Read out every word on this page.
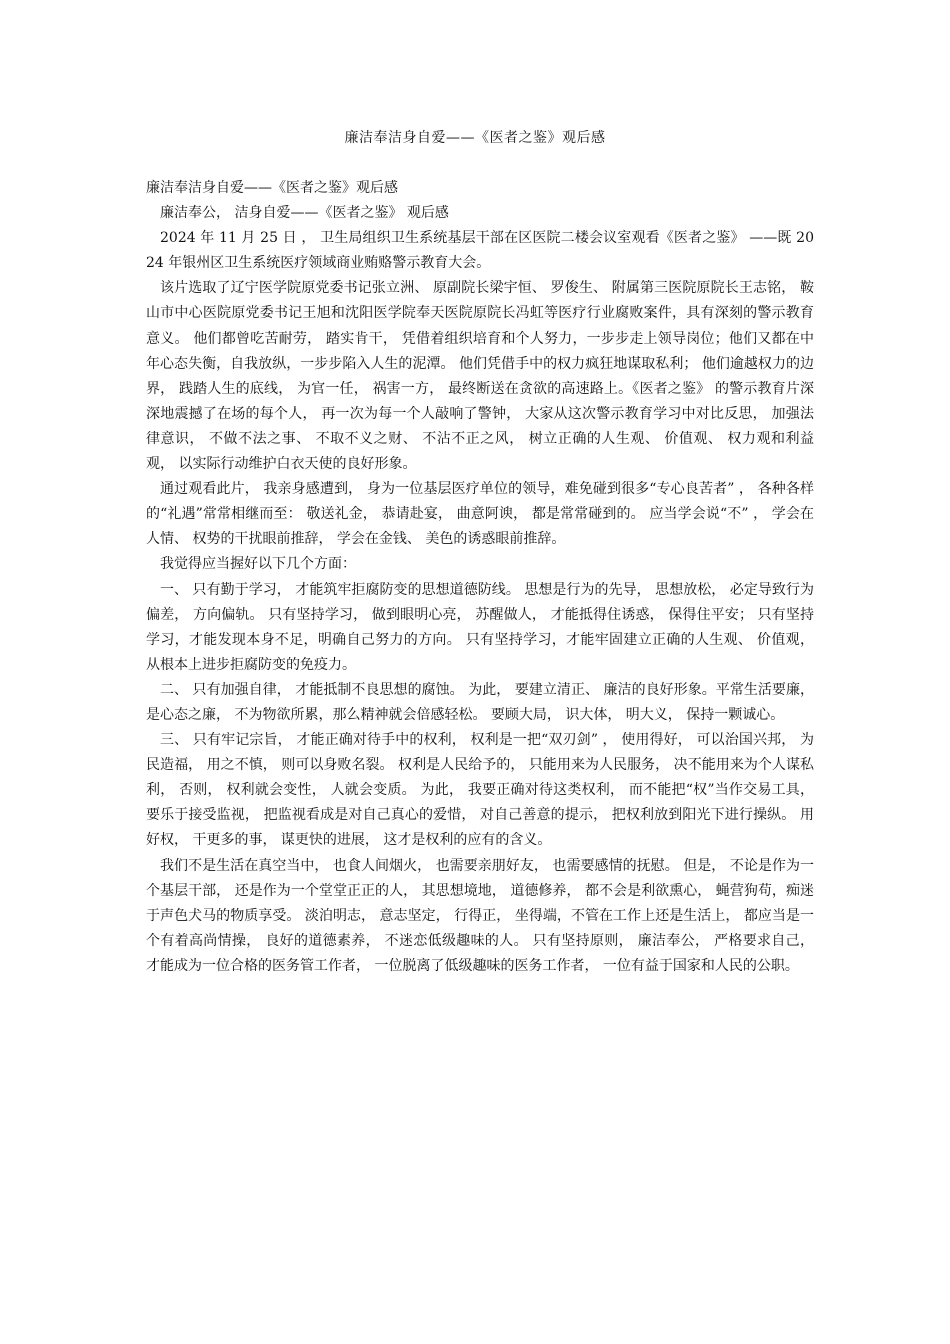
廉洁奉洁身自爱——《医者之鉴》观后感

廉洁奉洁身自爱——《医者之鉴》观后感

廉洁奉公， 洁身自爱——《医者之鉴》 观后感

2024 年 11 月 25 日 ， 卫生局组织卫生系统基层干部在区医院二楼会议室观看《医者之鉴》 ——既 2024 年银州区卫生系统医疗领域商业贿赂警示教育大会。

该片选取了辽宁医学院原党委书记张立洲、 原副院长梁宇恒、 罗俊生、 附属第三医院原院长王志铭， 鞍山市中心医院原党委书记王旭和沈阳医学院奉天医院原院长冯虹等医疗行业腐败案件，具有深刻的警示教育意义。 他们都曾吃苦耐劳， 踏实肯干， 凭借着组织培育和个人努力，一步步走上领导岗位；他们又都在中年心态失衡，自我放纵，一步步陷入人生的泥潭。 他们凭借手中的权力疯狂地谋取私利； 他们逾越权力的边界， 践踏人生的底线， 为官一任， 祸害一方， 最终断送在贪欲的高速路上。《医者之鉴》 的警示教育片深深地震撼了在场的每个人， 再一次为每一个人敲响了警钟， 大家从这次警示教育学习中对比反思， 加强法律意识， 不做不法之事、 不取不义之财、 不沾不正之风， 树立正确的人生观、 价值观、 权力观和利益观， 以实际行动维护白衣天使的良好形象。

通过观看此片， 我亲身感遭到， 身为一位基层医疗单位的领导，难免碰到很多“专心良苦者” ， 各种各样的“礼遇”常常相继而至： 敬送礼金， 恭请赴宴， 曲意阿谀， 都是常常碰到的。 应当学会说“不” ， 学会在人情、 权势的干扰眼前推辞， 学会在金钱、 美色的诱惑眼前推辞。

我觉得应当握好以下几个方面：

一、 只有勤于学习， 才能筑牢拒腐防变的思想道德防线。 思想是行为的先导， 思想放松， 必定导致行为偏差， 方向偏轨。 只有坚持学习， 做到眼明心亮， 苏醒做人， 才能抵得住诱惑， 保得住平安； 只有坚持学习，才能发现本身不足，明确自己努力的方向。 只有坚持学习，才能牢固建立正确的人生观、 价值观， 从根本上进步拒腐防变的免疫力。

二、 只有加强自律， 才能抵制不良思想的腐蚀。 为此， 要建立清正、 廉洁的良好形象。平常生活要廉， 是心态之廉， 不为物欲所累，那么精神就会倍感轻松。 要顾大局， 识大体， 明大义， 保持一颗诚心。

三、 只有牢记宗旨， 才能正确对待手中的权利， 权利是一把“双刃剑” ， 使用得好， 可以治国兴邦， 为民造福， 用之不慎， 则可以身败名裂。 权利是人民给予的， 只能用来为人民服务， 决不能用来为个人谋私利， 否则， 权利就会变性， 人就会变质。 为此， 我要正确对待这类权利， 而不能把“权”当作交易工具， 要乐于接受监视， 把监视看成是对自己真心的爱惜， 对自己善意的提示， 把权利放到阳光下进行操纵。 用好权， 干更多的事， 谋更快的进展， 这才是权利的应有的含义。

我们不是生活在真空当中， 也食人间烟火， 也需要亲朋好友， 也需要感情的抚慰。 但是， 不论是作为一个基层干部， 还是作为一个堂堂正正的人， 其思想境地， 道德修养， 都不会是利欲熏心， 蝇营狗苟，痴迷于声色犬马的物质享受。 淡泊明志， 意志坚定， 行得正， 坐得端，不管在工作上还是生活上， 都应当是一个有着高尚情操， 良好的道德素养， 不迷恋低级趣味的人。 只有坚持原则， 廉洁奉公， 严格要求自己， 才能成为一位合格的医务管工作者， 一位脱离了低级趣味的医务工作者， 一位有益于国家和人民的公职。
